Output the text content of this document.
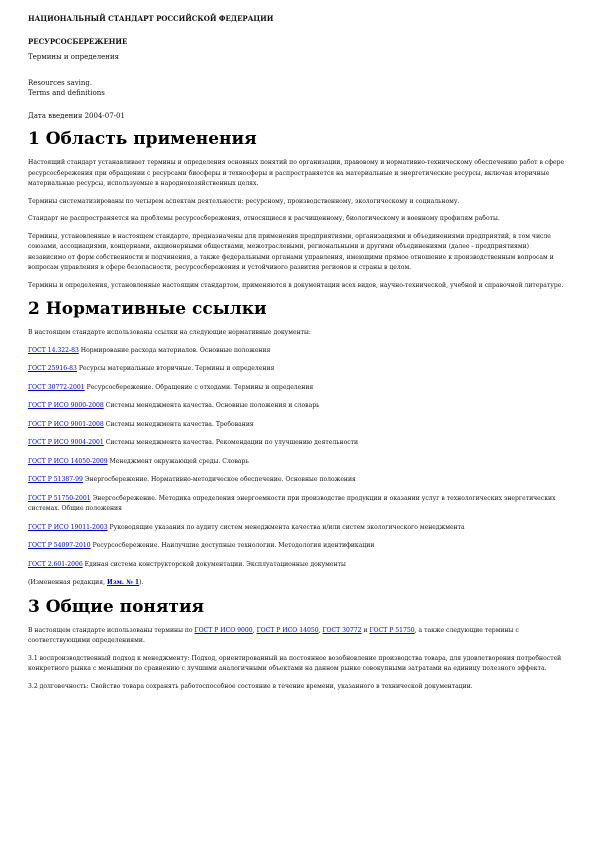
НАЦИОНАЛЬНЫЙ СТАНДАРТ РОССИЙСКОЙ ФЕДЕРАЦИИ

РЕСУРСОСБЕРЕЖЕНИЕ

Термины и определения

Resources saving.

Terms and definitions

Дата введения 2004-07-01

1 Область применения

Настоящий стандарт устанавливает термины и определения основных понятий по организации, правовому и нормативно-техническому обеспечению работ в сфере ресурсосбережения при обращении с ресурсами биосферы и техносферы и распространяется на материальные и энергетические ресурсы, включая вторичные материальные ресурсы, используемые в народнохозяйственных целях.

Термины систематизированы по четырем аспектам деятельности: ресурсному, производственному, экологическому и социальному.

Стандарт не распространяется на проблемы ресурсосбережения, относящиеся к расчищенному, биологическому и военному профилям работы.

Термины, установленные в настоящем стандарте, предназначены для применения предприятиями, организациями и объединениями предприятий, в том числе союзами, ассоциациями, концернами, акционерными обществами, межотраслевыми, региональными и другими объединениями (далее - предприятиями) независимо от форм собственности и подчинения, а также федеральными органами управления, имеющими прямое отношение к производственным вопросам и вопросам управления в сфере безопасности, ресурсосбережения и устойчивого развития регионов и страны в целом.

Термины и определения, установленные настоящим стандартом, применяются в документации всех видов, научно-технической, учебной и справочной литературе.

2 Нормативные ссылки

В настоящем стандарте использованы ссылки на следующие нормативные документы:

ГОСТ 14.322-83 Нормирование расхода материалов. Основные положения

ГОСТ 25916-83 Ресурсы материальные вторичные. Термины и определения

ГОСТ 30772-2001 Ресурсосбережение. Обращение с отходами. Термины и определения

ГОСТ Р ИСО 9000-2008 Системы менеджмента качества. Основные положения и словарь

ГОСТ Р ИСО 9001-2008 Системы менеджмента качества. Требования

ГОСТ Р ИСО 9004-2001 Системы менеджмента качества. Рекомендации по улучшению деятельности

ГОСТ Р ИСО 14050-2009 Менеджмент окружающей среды. Словарь

ГОСТ Р 51387-99 Энергосбережение. Нормативно-методическое обеспечение. Основные положения

ГОСТ Р 51750-2001 Энергосбережение. Методика определения энергоемкости при производстве продукции и оказании услуг в технологических энергетических системах. Общие положения

ГОСТ Р ИСО 19011-2003 Руководящие указания по аудиту систем менеджмента качества и/или систем экологического менеджмента

ГОСТ Р 54097-2010 Ресурсосбережение. Наилучшие доступные технологии. Методология идентификации

ГОСТ 2.601-2006 Единая система конструкторской документации. Эксплуатационные документы

(Измененная редакция, Изм. № 1).

3 Общие понятия

В настоящем стандарте использованы термины по ГОСТ Р ИСО 9000, ГОСТ Р ИСО 14050, ГОСТ 30772 и ГОСТ Р 51750, а также следующие термины с соответствующими определениями.

3.1 воспроизводственный подход к менеджменту: Подход, ориентированный на постоянное возобновление производства товара, для удовлетворения потребностей конкретного рынка с меньшими по сравнению с лучшими аналогичными объектами на данном рынке совокупными затратами на единицу полезного эффекта.

3.2 долговечность: Свойство товара сохранять работоспособное состояние в течение времени, указанного в технической документации.
